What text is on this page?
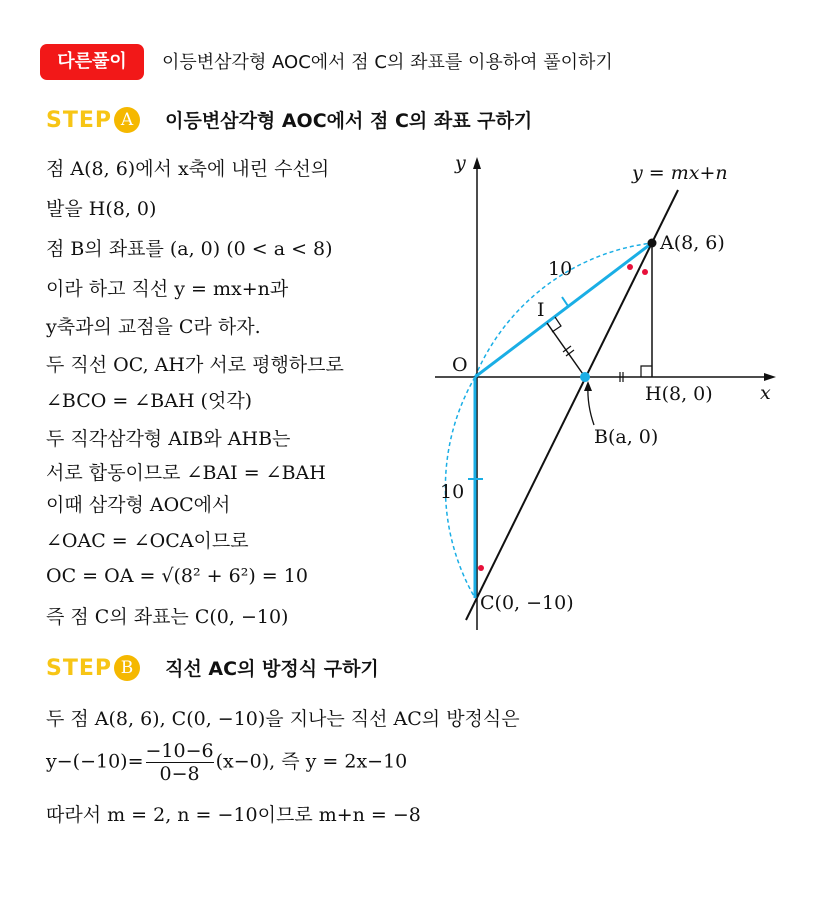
다른풀이	이등변삼각형 AOC에서 점 C의 좌표를 이용하여 풀이하기
STEP A 이등변삼각형 AOC에서 점 C의 좌표 구하기
점 A(8, 6)에서 x축에 내린 수선의
발을 H(8, 0)
점 B의 좌표를 (a, 0) (0 < a < 8)
이라 하고 직선 y = mx+n과
y축과의 교점을 C라 하자.
두 직선 OC, AH가 서로 평행하므로
∠BCO = ∠BAH (엇각)
두 직각삼각형 AIB와 AHB는
서로 합동이므로 ∠BAI = ∠BAH
이때 삼각형 AOC에서
∠OAC = ∠OCA이므로
OC = OA = √(8² + 6²) = 10
즉 점 C의 좌표는 C(0, −10)
STEP B 직선 AC의 방정식 구하기
두 점 A(8, 6), C(0, −10)을 지나는 직선 AC의 방정식은
$y-(-10)= \frac{-10-6}{0-8} (x-0)$, 즉 y = 2x−10
따라서 m = 2, n = −10이므로 m+n = −8
y
x
y = mx+n
A(8, 6)
H(8, 0)
O
B(a, 0)
C(0, −10)
I
10
10
